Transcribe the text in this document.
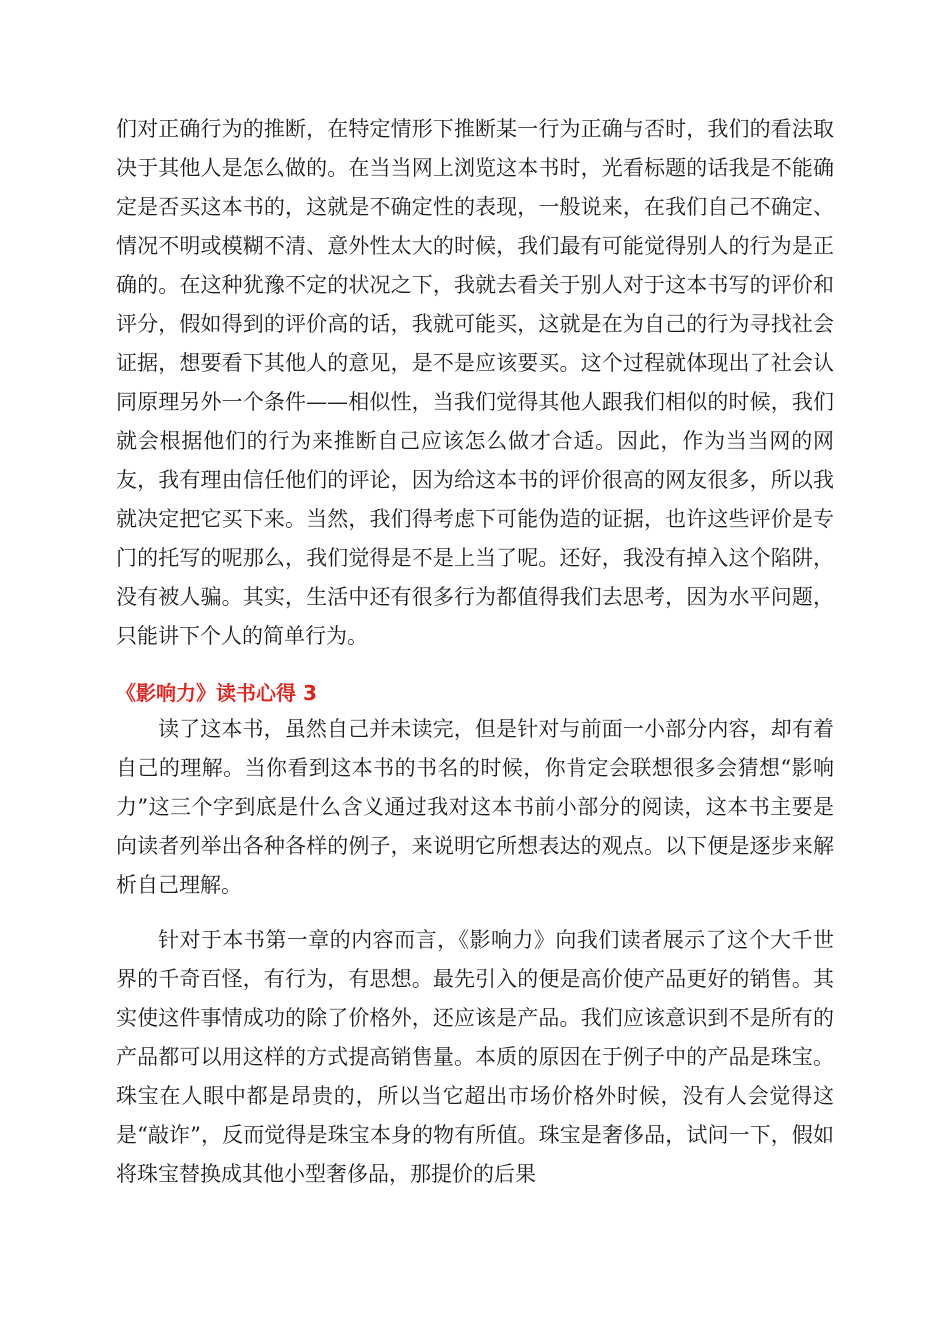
们对正确行为的推断，在特定情形下推断某一行为正确与否时，我们的看法取决于其他人是怎么做的。在当当网上浏览这本书时，光看标题的话我是不能确定是否买这本书的，这就是不确定性的表现，一般说来，在我们自己不确定、情况不明或模糊不清、意外性太大的时候，我们最有可能觉得别人的行为是正确的。在这种犹豫不定的状况之下，我就去看关于别人对于这本书写的评价和评分，假如得到的评价高的话，我就可能买，这就是在为自己的行为寻找社会证据，想要看下其他人的意见，是不是应该要买。这个过程就体现出了社会认同原理另外一个条件——相似性，当我们觉得其他人跟我们相似的时候，我们就会根据他们的行为来推断自己应该怎么做才合适。因此，作为当当网的网友，我有理由信任他们的评论，因为给这本书的评价很高的网友很多，所以我就决定把它买下来。当然，我们得考虑下可能伪造的证据，也许这些评价是专门的托写的呢那么，我们觉得是不是上当了呢。还好，我没有掉入这个陷阱，没有被人骗。其实，生活中还有很多行为都值得我们去思考，因为水平问题，只能讲下个人的简单行为。

《影响力》读书心得 3

读了这本书，虽然自己并未读完，但是针对与前面一小部分内容，却有着自己的理解。当你看到这本书的书名的时候，你肯定会联想很多会猜想“影响力”这三个字到底是什么含义通过我对这本书前小部分的阅读，这本书主要是向读者列举出各种各样的例子，来说明它所想表达的观点。以下便是逐步来解析自己理解。

针对于本书第一章的内容而言，《影响力》向我们读者展示了这个大千世界的千奇百怪，有行为，有思想。最先引入的便是高价使产品更好的销售。其实使这件事情成功的除了价格外，还应该是产品。我们应该意识到不是所有的产品都可以用这样的方式提高销售量。本质的原因在于例子中的产品是珠宝。珠宝在人眼中都是昂贵的，所以当它超出市场价格外时候，没有人会觉得这是“敲诈”，反而觉得是珠宝本身的物有所值。珠宝是奢侈品，试问一下，假如将珠宝替换成其他小型奢侈品，那提价的后果
